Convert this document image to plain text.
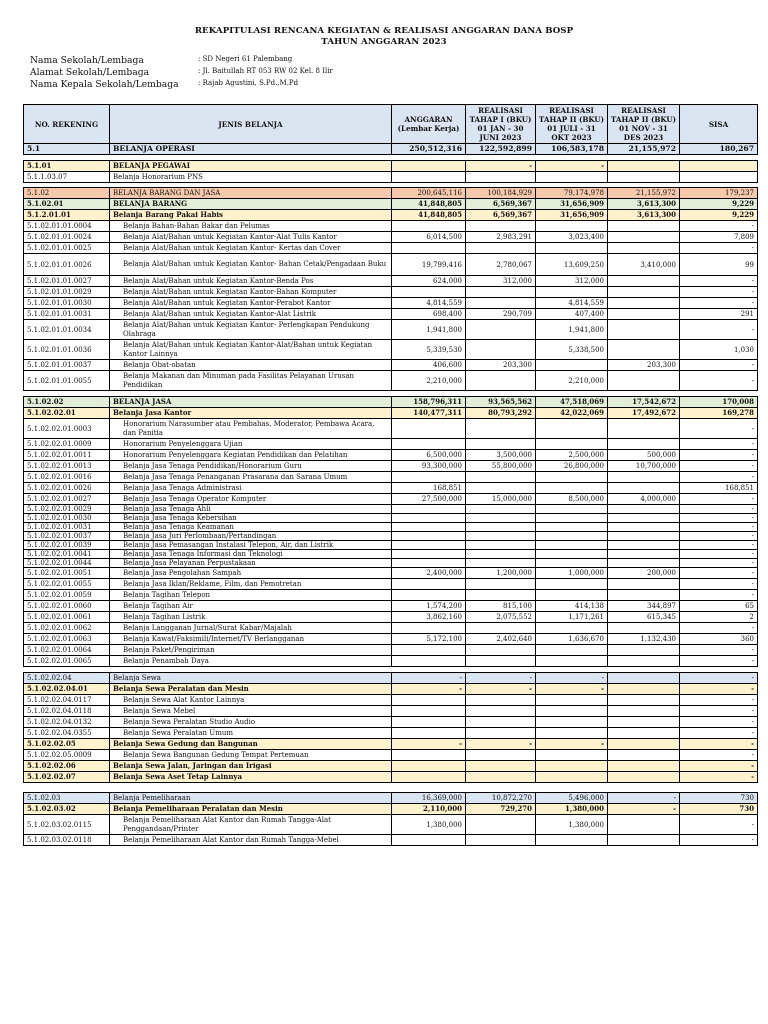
REKAPITULASI RENCANA KEGIATAN & REALISASI ANGGARAN DANA BOSP
TAHUN ANGGARAN 2023
Nama Sekolah/Lembaga	: SD Negeri 61 Palembang
Alamat Sekolah/Lembaga	: Jl. Baitullah RT 053 RW 02 Kel. 8 Ilir
Nama Kepala Sekolah/Lembaga	: Rajab Agustini, S.Pd.,M.Pd
NO. REKENING	JENIS BELANJA	ANGGARAN (Lembar Kerja)	REALISASI TAHAP I (BKU) 01 JAN - 30 JUNI 2023	REALISASI TAHAP II (BKU) 01 JULI - 31 OKT 2023	REALISASI TAHAP II (BKU) 01 NOV - 31 DES 2023	SISA
5.1	BELANJA OPERASI	250,512,316	122,592,899	106,583,178	21,155,972	180,267

5.1.01	BELANJA PEGAWAI		-	-		
5.1.1.03.07	Belanja Honorarium PNS					

5.1.02	BELANJA BARANG DAN JASA	200,645,116	100,184,929	79,174,978	21,155,972	179,237
5.1.02.01	BELANJA BARANG	41,848,805	6,569,367	31,656,909	3,613,300	9,229
5.1.2.01.01	Belanja Barang Pakai Habis	41,848,805	6,569,367	31,656,909	3,613,300	9,229
5.1.02.01.01.0004	Belanja Bahan-Bahan Bakar dan Pelumas					-
5.1.02.01.01.0024	Belanja Alat/Bahan untuk Kegiatan Kantor-Alat Tulis Kantor	6,014,500	2,983,291	3,023,400		7,809
5.1.02.01.01.0025	Belanja Alat/Bahan untuk Kegiatan Kantor- Kertas dan Cover					-
5.1.02.01.01.0026	Belanja Alat/Bahan untuk Kegiatan Kantor- Bahan Cetak/Pengadaan Buku	19,799,416	2,780,067	13,609,250	3,410,000	99
5.1.02.01.01.0027	Belanja Alat/Bahan untuk Kegiatan Kantor-Benda Pos	624,000	312,000	312,000		-
5.1.02.01.01.0029	Belanja Alat/Bahan untuk Kegiatan Kantor-Bahan Komputer					-
5.1.02.01.01.0030	Belanja Alat/Bahan untuk Kegiatan Kantor-Perabot Kantor	4,814,559		4,814,559		-
5.1.02.01.01.0031	Belanja Alat/Bahan untuk Kegiatan Kantor-Alat Listrik	698,400	290,709	407,400		291
5.1.02.01.01.0034	Belanja Alat/Bahan untuk Kegiatan Kantor- Perlengkapan Pendukung Olahraga	1,941,800		1,941,800		-
5.1.02.01.01.0036	Belanja Alat/Bahan untuk Kegiatan Kantor-Alat/Bahan untuk Kegiatan Kantor Lainnya	5,339,530		5,338,500		1,030
5.1.02.01.01.0037	Belanja Obat-obatan	406,600	203,300		203,300	-
5.1.02.01.01.0055	Belanja Makanan dan Minuman pada Fasilitas Pelayanan Urusan Pendidikan	2,210,000		2,210,000		-

5.1.02.02	BELANJA JASA	158,796,311	93,565,562	47,518,069	17,542,672	170,008
5.1.02.02.01	Belanja Jasa Kantor	140,477,311	80,793,292	42,022,069	17,492,672	169,278
5.1.02.02.01.0003	Honorarium Narasumber atau Pembahas, Moderator, Pembawa Acara, dan Panitia					-
5.1.02.02.01.0009	Honorarium Penyelenggara Ujian					-
5.1.02.02.01.0011	Honorarium Penyelenggara Kegiatan Pendidikan dan Pelatihan	6,500,000	3,500,000	2,500,000	500,000	-
5.1.02.02.01.0013	Belanja Jasa Tenaga Pendidikan/Honorarium Guru	93,300,000	55,800,000	26,800,000	10,700,000	-
5.1.02.02.01.0016	Belanja Jasa Tenaga Penanganan Prasarana dan Sarana Umum					-
5.1.02.02.01.0026	Belanja Jasa Tenaga Administrasi	168,851				168,851
5.1.02.02.01.0027	Belanja Jasa Tenaga Operator Komputer	27,500,000	15,000,000	8,500,000	4,000,000	-
5.1.02.02.01.0029	Belanja Jasa Tenaga Ahli					-
5.1.02.02.01.0030	Belanja Jasa Tenaga Kebersihan					-
5.1.02.02.01.0031	Belanja Jasa Tenaga Keamanan					-
5.1.02.02.01.0037	Belanja Jasa Juri Perlombaan/Pertandingan					-
5.1.02.02.01.0039	Belanja Jasa Pemasangan Instalasi Telepon, Air, dan Listrik					-
5.1.02.02.01.0041	Belanja Jasa Tenaga Informasi dan Teknologi					-
5.1.02.02.01.0044	Belanja Jasa Pelayanan Perpustakaan					-
5.1.02.02.01.0051	Belanja Jasa Pengolahan Sampah	2,400,000	1,200,000	1,000,000	200,000	-
5.1.02.02.01.0055	Belanja Jasa Iklan/Reklame, Film, dan Pemotretan					-
5.1.02.02.01.0059	Belanja Tagihan Telepon					-
5.1.02.02.01.0060	Belanja Tagihan Air	1,574,200	815,100	414,138	344,897	65
5.1.02.02.01.0061	Belanja Tagihan Listrik	3,862,160	2,075,552	1,171,261	615,345	2
5.1.02.02.01.0062	Belanja Langganan Jurnal/Surat Kabar/Majalah					-
5.1.02.02.01.0063	Belanja Kawat/Faksimili/Internet/TV Berlangganan	5,172,100	2,402,640	1,636,670	1,132,430	360
5.1.02.02.01.0064	Belanja Paket/Pengiriman					-
5.1.02.02.01.0065	Belanja Penambah Daya					-

5.1.02.02.04	Belanja Sewa	-	-	-		-
5.1.02.02.04.01	Belanja Sewa Peralatan dan Mesin	-	-	-		-
5.1.02.02.04.0117	Belanja Sewa Alat Kantor Lainnya					-
5.1.02.02.04.0118	Belanja Sewa Mebel					-
5.1.02.02.04.0132	Belanja Sewa Peralatan Studio Audio					-
5.1.02.02.04.0355	Belanja Sewa Peralatan Umum					-
5.1.02.02.05	Belanja Sewa Gedung dan Bangunan	-	-	-		-
5.1.02.02.05.0009	Belanja Sewa Bangunan Gedung Tempat Pertemuan					-
5.1.02.02.06	Belanja Sewa Jalan, Jaringan dan Irigasi					-
5.1.02.02.07	Belanja Sewa Aset Tetap Lainnya					-

5.1.02.03	Belanja Pemeliharaan	16,369,000	10,872,270	5,496,000	-	730
5.1.02.03.02	Belanja Pemeliharaan Peralatan dan Mesin	2,110,000	729,270	1,380,000	-	730
5.1.02.03.02.0115	Belanja Pemeliharaan Alat Kantor dan Rumah Tangga-Alat Penggandaan/Printer	1,380,000		1,380,000		-
5.1.02.03.02.0118	Belanja Pemeliharaan Alat Kantor dan Rumah Tangga-Mebel					-
